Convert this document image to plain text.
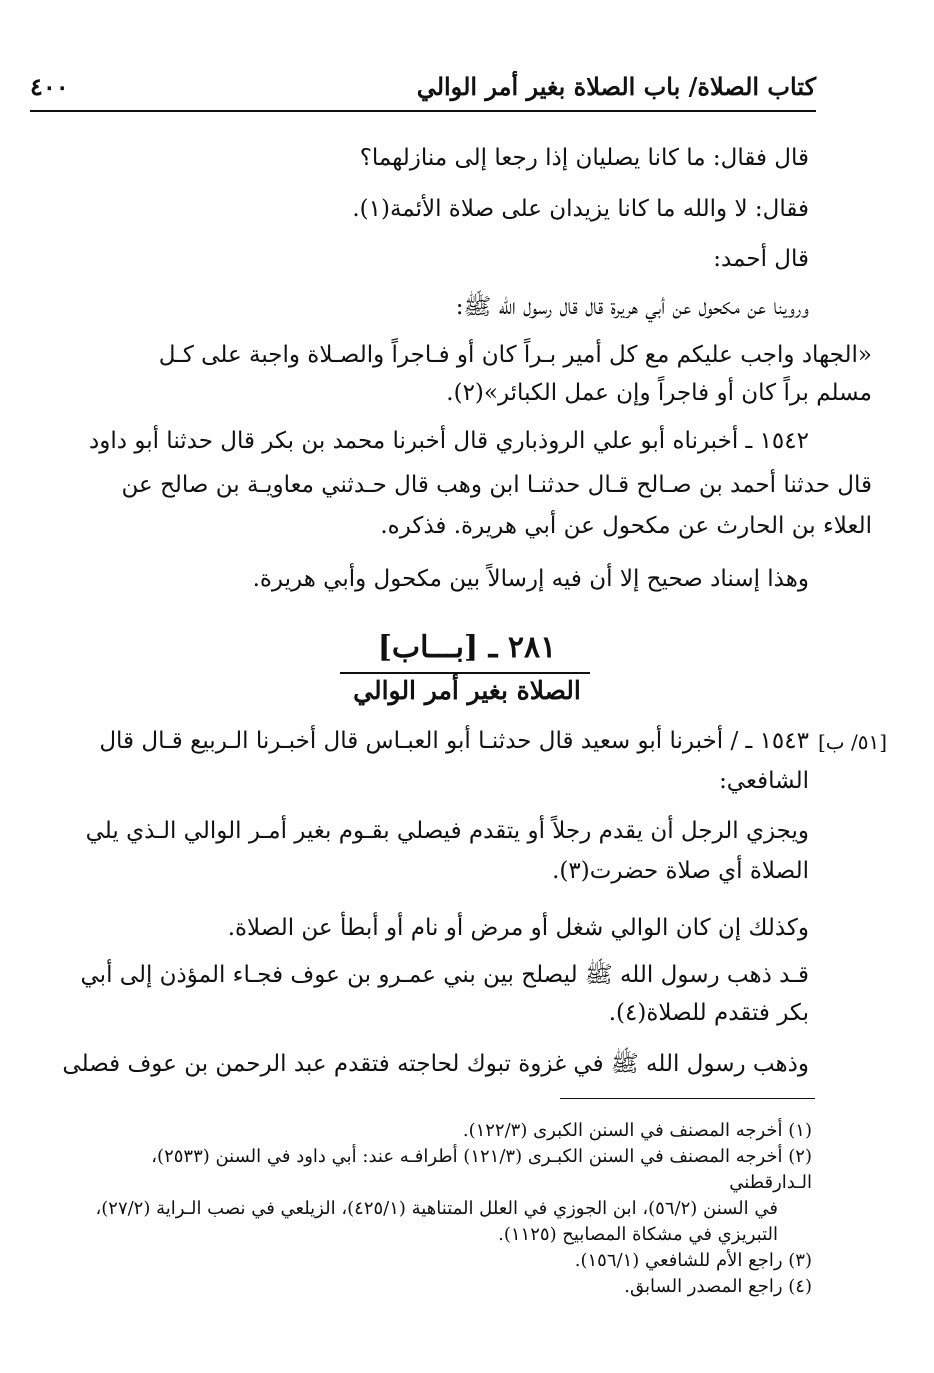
كتاب الصلاة/ باب الصلاة بغير أمر الوالي
٤٠٠
قال فقال: ما كانا يصليان إذا رجعا إلى منازلهما؟
فقال: لا والله ما كانا يزيدان على صلاة الأئمة(١).
قال أحمد:
وروينا عن مكحول عن أبي هريرة قال قال رسول الله ﷺ:
«الجهاد واجب عليكم مع كل أمير بـراً كان أو فـاجراً والصـلاة واجبة على كـل
مسلم براً كان أو فاجراً وإن عمل الكبائر»(٢).
١٥٤٢ ـ أخبرناه أبو علي الروذباري قال أخبرنا محمد بن بكر قال حدثنا أبو داود
قال حدثنا أحمد بن صـالح قـال حدثنـا ابن وهب قال حـدثني معاويـة بن صالح عن
العلاء بن الحارث عن مكحول عن أبي هريرة. فذكره.
وهذا إسناد صحيح إلا أن فيه إرسالاً بين مكحول وأبي هريرة.
٢٨١ ـ [بـــاب]
الصلاة بغير أمر الوالي
[٥١/ ب]
١٥٤٣ ـ / أخبرنا أبو سعيد قال حدثنـا أبو العبـاس قال أخبـرنا الـربيع قـال قال
الشافعي:
ويجزي الرجل أن يقدم رجلاً أو يتقدم فيصلي بقـوم بغير أمـر الوالي الـذي يلي
الصلاة أي صلاة حضرت(٣).
وكذلك إن كان الوالي شغل أو مرض أو نام أو أبطأ عن الصلاة.
قـد ذهب رسول الله ﷺ ليصلح بين بني عمـرو بن عوف فجـاء المؤذن إلى أبي
بكر فتقدم للصلاة(٤).
وذهب رسول الله ﷺ في غزوة تبوك لحاجته فتقدم عبد الرحمن بن عوف فصلى

(١) أخرجه المصنف في السنن الكبرى (١٢٢/٣).

(٢) أخرجه المصنف في السنن الكبـرى (١٢١/٣) أطرافـه عند: أبي داود في السنن (٢٥٣٣)، الـدارقطني

في السنن (٥٦/٢)، ابن الجوزي في العلل المتناهية (٤٢٥/١)، الزيلعي في نصب الـراية (٢٧/٢)،

التبريزي في مشكاة المصابيح (١١٢٥).

(٣) راجع الأم للشافعي (١٥٦/١).

(٤) راجع المصدر السابق.
